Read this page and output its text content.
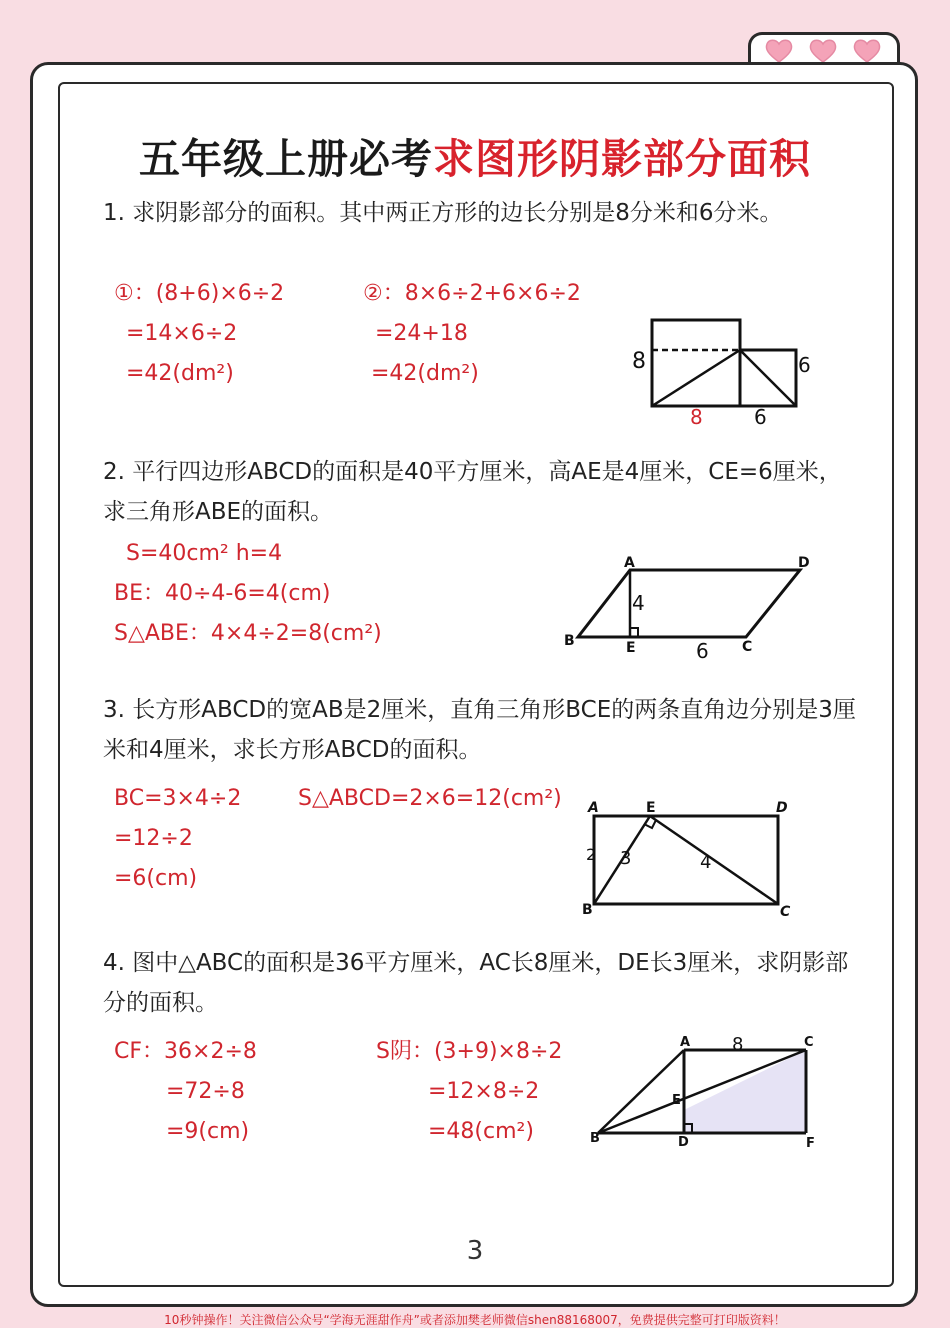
五年级上册必考求图形阴影部分面积
1. 求阴影部分的面积。其中两正方形的边长分别是8分米和6分米。
①：(8+6)×6÷2
=14×6÷2
=42(dm²)
②：8×6÷2+6×6÷2
=24+18
=42(dm²)	8	6
8	6
2. 平行四边形ABCD的面积是40平方厘米，高AE是4厘米，CE=6厘米，求三角形ABE的面积。
S=40cm² h=4
BE：40÷4-6=4(cm)
S△ABE：4×4÷2=8(cm²)
A	D
B	E	C
4
6
3. 长方形ABCD的宽AB是2厘米，直角三角形BCE的两条直角边分别是3厘米和4厘米，求长方形ABCD的面积。
BC=3×4÷2
=12÷2
=6(cm)
S△ABCD=2×6=12(cm²) A	E	D
B	C
2 3	4
4. 图中△ABC的面积是36平方厘米，AC长8厘米，DE长3厘米，求阴影部分的面积。
CF：36×2÷8
=72÷8
=9(cm)
S阴：(3+9)×8÷2
=12×8÷2
=48(cm²)
A 8	C
E
B	D	F
3
10秒钟操作！关注微信公众号“学海无涯甜作舟”或者添加樊老师微信shen88168007，免费提供完整可打印版资料！
